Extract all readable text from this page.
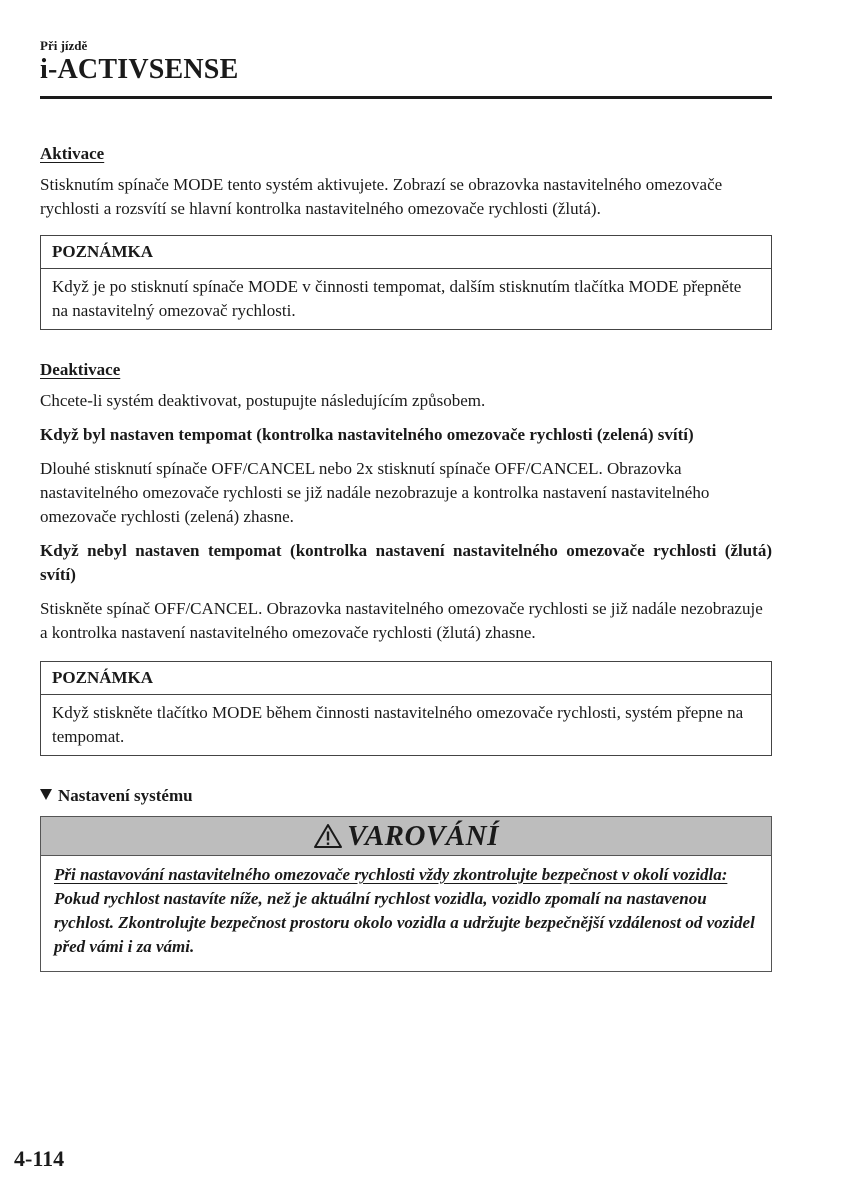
Při jízdě
i-ACTIVSENSE
Aktivace
Stisknutím spínače MODE tento systém aktivujete. Zobrazí se obrazovka nastavitelného omezovače rychlosti a rozsvítí se hlavní kontrolka nastavitelného omezovače rychlosti (žlutá).
POZNÁMKA
Když je po stisknutí spínače MODE v činnosti tempomat, dalším stisknutím tlačítka MODE přepněte na nastavitelný omezovač rychlosti.
Deaktivace
Chcete-li systém deaktivovat, postupujte následujícím způsobem.
Když byl nastaven tempomat (kontrolka nastavitelného omezovače rychlosti (zelená) svítí)
Dlouhé stisknutí spínače OFF/CANCEL nebo 2x stisknutí spínače OFF/CANCEL. Obrazovka nastavitelného omezovače rychlosti se již nadále nezobrazuje a kontrolka nastavení nastavitelného omezovače rychlosti (zelená) zhasne.
Když nebyl nastaven tempomat (kontrolka nastavení nastavitelného omezovače rychlosti (žlutá) svítí)
Stiskněte spínač OFF/CANCEL. Obrazovka nastavitelného omezovače rychlosti se již nadále nezobrazuje a kontrolka nastavení nastavitelného omezovače rychlosti (žlutá) zhasne.
POZNÁMKA
Když stiskněte tlačítko MODE během činnosti nastavitelného omezovače rychlosti, systém přepne na tempomat.
Nastavení systému
VAROVÁNÍ
Při nastavování nastavitelného omezovače rychlosti vždy zkontrolujte bezpečnost v okolí vozidla:
Pokud rychlost nastavíte níže, než je aktuální rychlost vozidla, vozidlo zpomalí na nastavenou rychlost. Zkontrolujte bezpečnost prostoru okolo vozidla a udržujte bezpečnější vzdálenost od vozidel před vámi i za vámi.
4-114
